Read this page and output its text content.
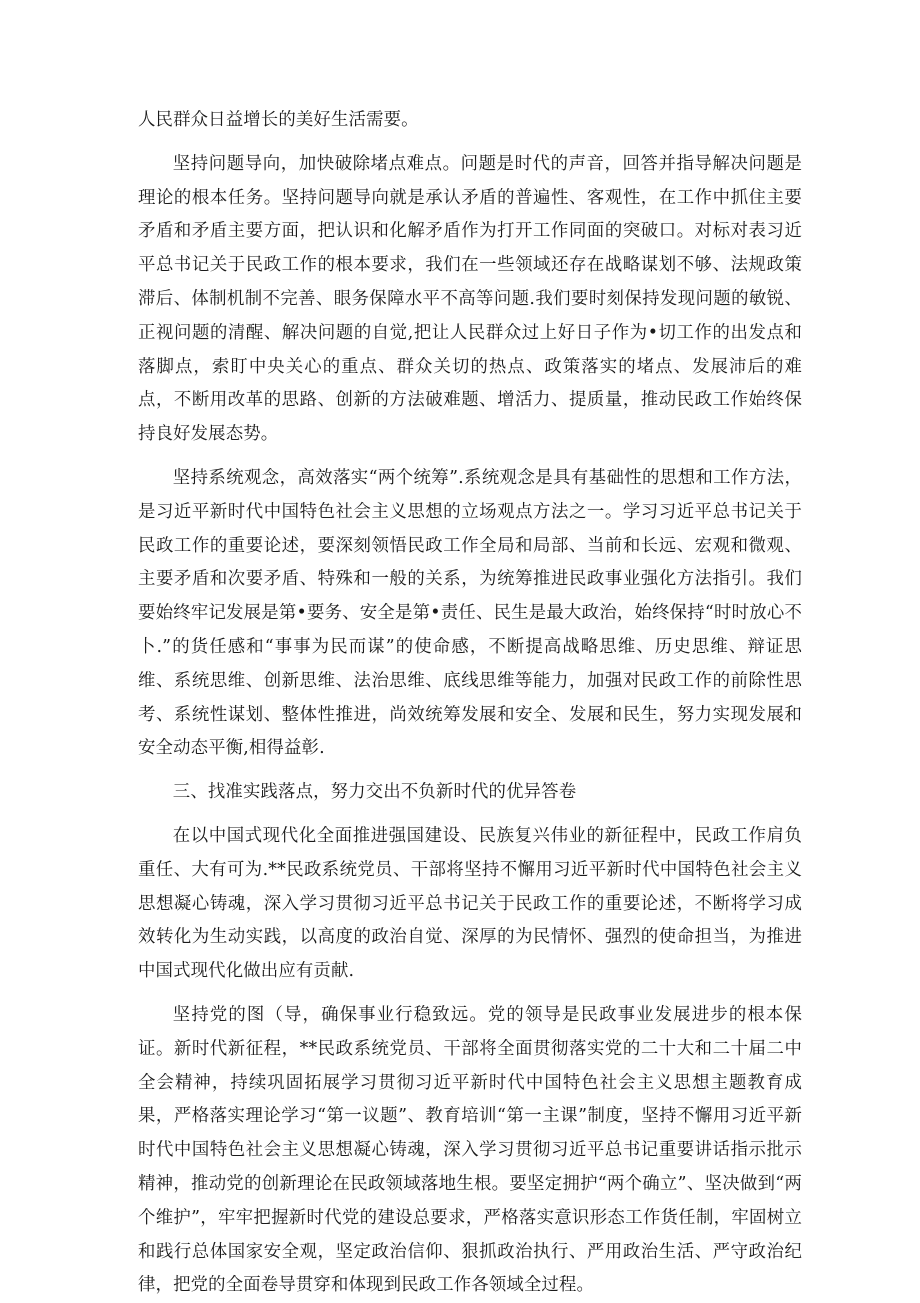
人民群众日益增长的美好生活需要。

坚持问题导向，加快破除堵点难点。问题是时代的声音，回答并指导解决问题是理论的根本任务。坚持问题导向就是承认矛盾的普遍性、客观性，在工作中抓住主要矛盾和矛盾主要方面，把认识和化解矛盾作为打开工作同面的突破口。对标对表习近平总书记关于民政工作的根本要求，我们在一些领域还存在战略谋划不够、法规政策滞后、体制机制不完善、眼务保障水平不高等问题.我们要时刻保持发现问题的敏锐、正视问题的清醒、解决问题的自觉,把让人民群众过上好日子作为•切工作的出发点和落脚点，索盯中央关心的重点、群众关切的热点、政策落实的堵点、发展沛后的难点，不断用改革的思路、创新的方法破难题、增活力、提质量，推动民政工作始终保持良好发展态势。

坚持系统观念，高效落实“两个统筹”.系统观念是具有基础性的思想和工作方法，是习近平新时代中国特色社会主义思想的立场观点方法之一。学习习近平总书记关于民政工作的重要论述，要深刻领悟民政工作全局和局部、当前和长远、宏观和微观、主要矛盾和次要矛盾、特殊和一般的关系，为统筹推进民政事业强化方法指引。我们要始终牢记发展是第•要务、安全是第•责任、民生是最大政治，始终保持“时时放心不卜.”的货任感和“事事为民而谋”的使命感，不断提高战略思维、历史思维、辩证思维、系统思维、创新思维、法治思维、底线思维等能力，加强对民政工作的前除性思考、系统性谋划、整体性推进，尚效统筹发展和安全、发展和民生，努力实现发展和安全动态平衡,相得益彰.

三、找准实践落点，努力交出不负新时代的优异答卷

在以中国式现代化全面推进强国建设、民族复兴伟业的新征程中，民政工作肩负重任、大有可为.**民政系统党员、干部将坚持不懈用习近平新时代中国特色社会主义思想凝心铸魂，深入学习贯彻习近平总书记关于民政工作的重要论述，不断将学习成效转化为生动实践，以高度的政治自觉、深厚的为民情怀、强烈的使命担当，为推进中国式现代化做出应有贡献.

坚持党的图（导，确保事业行稳致远。党的领导是民政事业发展进步的根本保证。新时代新征程，**民政系统党员、干部将全面贯彻落实党的二十大和二十届二中全会精神，持续巩固拓展学习贯彻习近平新时代中国特色社会主义思想主题教育成果，严格落实理论学习“第一议题”、教育培训“第一主课”制度，坚持不懈用习近平新时代中国特色社会主义思想凝心铸魂，深入学习贯彻习近平总书记重要讲话指示批示精神，推动党的创新理论在民政领域落地生根。要坚定拥护“两个确立”、坚决做到“两个维护”，牢牢把握新时代党的建设总要求，严格落实意识形态工作货任制，牢固树立和践行总体国家安全观，坚定政治信仰、狠抓政治执行、严用政治生活、严守政治纪律，把党的全面卷导贯穿和体现到民政工作各领域全过程。
